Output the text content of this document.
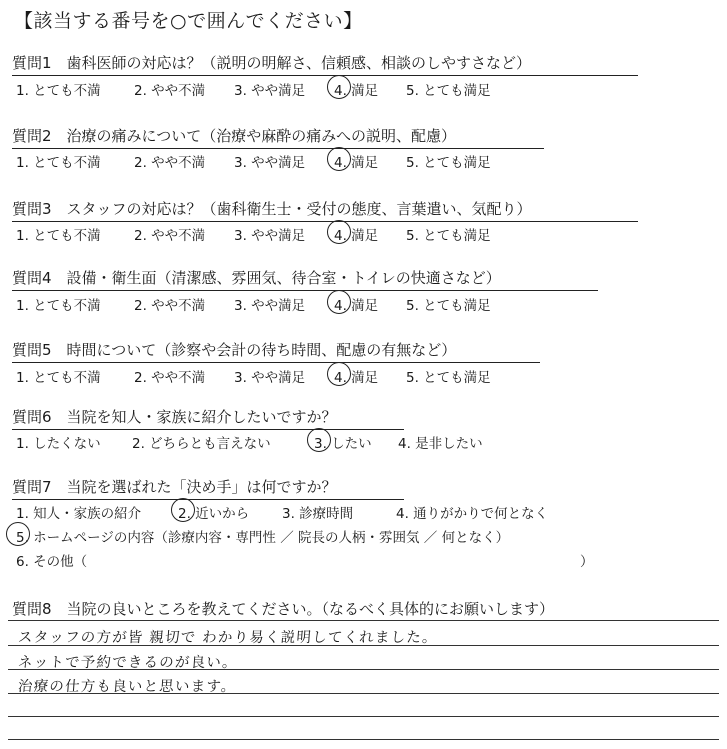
【該当する番号を○で囲んでください】
質問1　歯科医師の対応は？（説明の明解さ、信頼感、相談のしやすさなど）
1. とても不満 2. やや不満 3. やや満足 4. 満足 5. とても満足
質問2　治療の痛みについて（治療や麻酔の痛みへの説明、配慮）
1. とても不満 2. やや不満 3. やや満足 4. 満足 5. とても満足
質問3　スタッフの対応は？（歯科衛生士・受付の態度、言葉遣い、気配り）
1. とても不満 2. やや不満 3. やや満足 4. 満足 5. とても満足
質問4　設備・衛生面（清潔感、雰囲気、待合室・トイレの快適さなど）
1. とても不満 2. やや不満 3. やや満足 4. 満足 5. とても満足
質問5　時間について（診察や会計の待ち時間、配慮の有無など）
1. とても不満 2. やや不満 3. やや満足 4. 満足 5. とても満足
質問6　当院を知人・家族に紹介したいですか？
1. したくない 2. どちらとも言えない	3. したい 4. 是非したい
質問7　当院を選ばれた「決め手」は何ですか？
1. 知人・家族の紹介	2. 近いから 3. 診療時間	4. 通りがかりで何となく
5. ホームページの内容（診療内容・専門性 ／ 院長の人柄・雰囲気 ／ 何となく）
6. その他（	）
質問8　当院の良いところを教えてください。（なるべく具体的にお願いします）
スタッフの方が皆 親切で わかり易く説明してくれました。
ネットで予約できるのが良い。
治療の仕方も良いと思います。
